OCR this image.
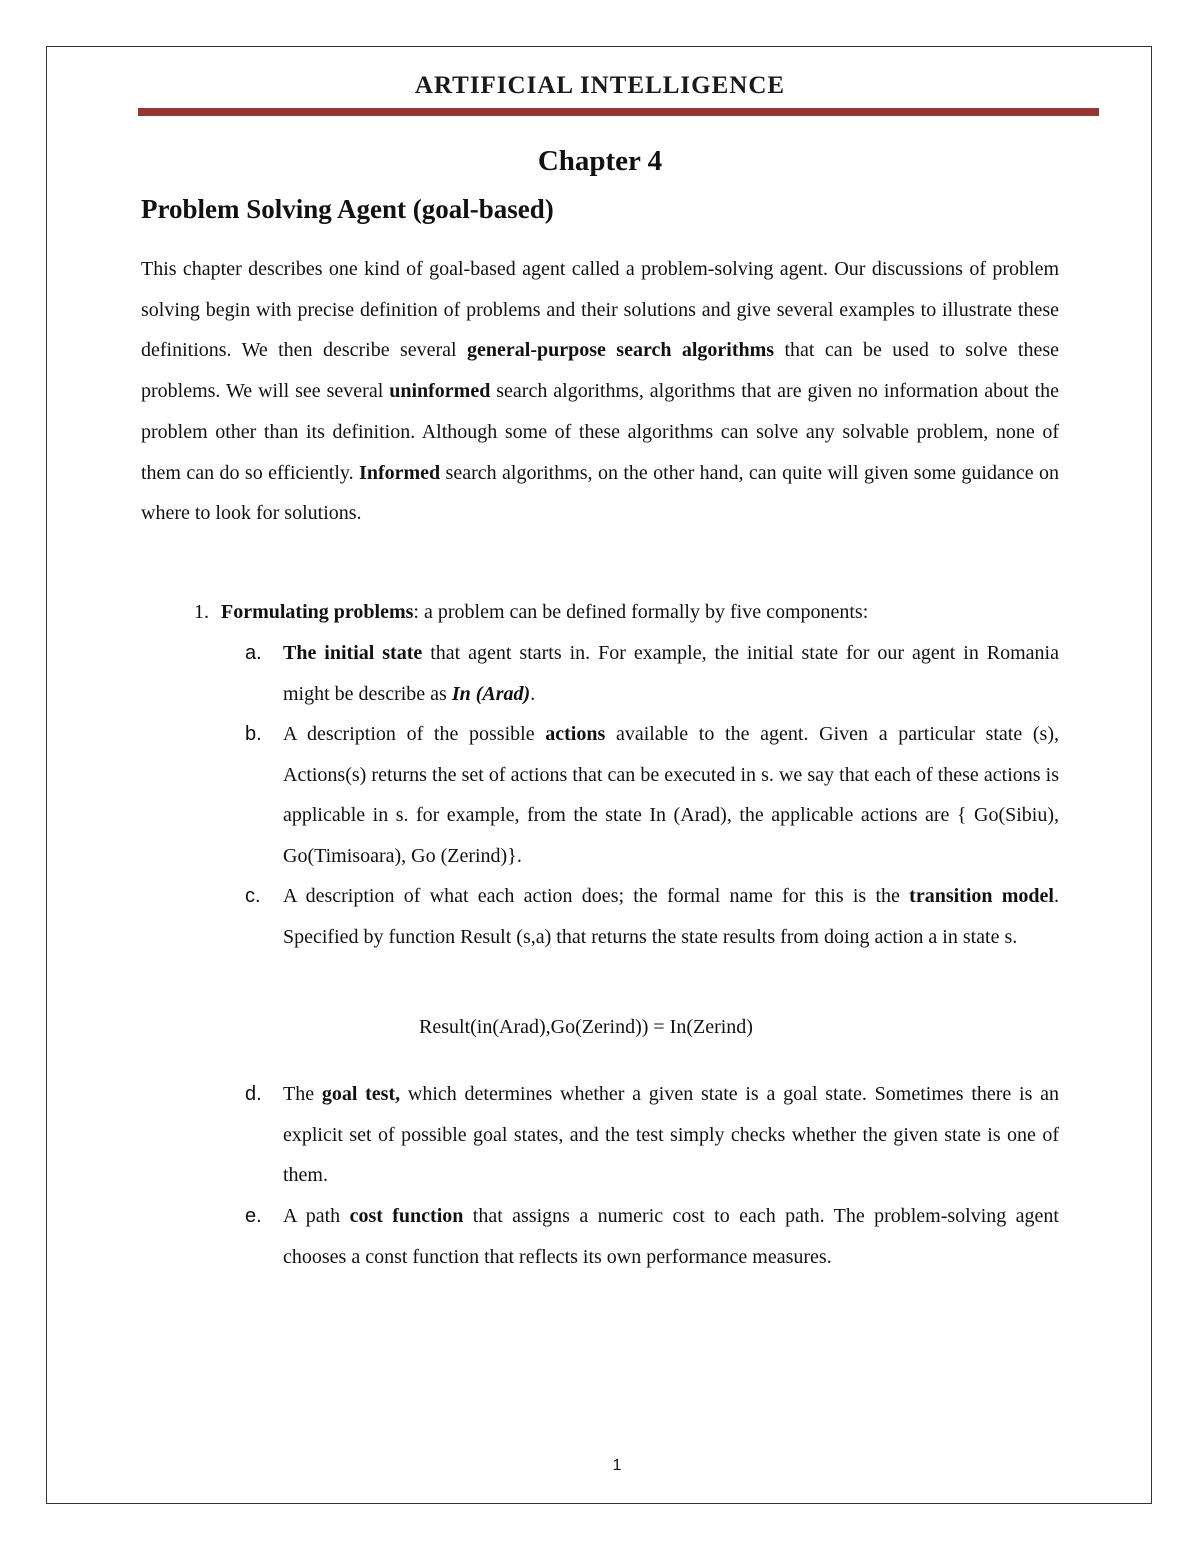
ARTIFICIAL INTELLIGENCE
Chapter 4
Problem Solving Agent (goal-based)

This chapter describes one kind of goal-based agent called a problem-solving agent. Our discussions of problem solving begin with precise definition of problems and their solutions and give several examples to illustrate these definitions. We then describe several general-purpose search algorithms that can be used to solve these problems. We will see several uninformed search algorithms, algorithms that are given no information about the problem other than its definition. Although some of these algorithms can solve any solvable problem, none of them can do so efficiently. Informed search algorithms, on the other hand, can quite will given some guidance on where to look for solutions.

1. Formulating problems: a problem can be defined formally by five components:

a. The initial state that agent starts in. For example, the initial state for our agent in Romania might be describe as In (Arad).

b. A description of the possible actions available to the agent. Given a particular state (s), Actions(s) returns the set of actions that can be executed in s. we say that each of these actions is applicable in s. for example, from the state In (Arad), the applicable actions are { Go(Sibiu), Go(Timisoara), Go (Zerind)}.

c. A description of what each action does; the formal name for this is the transition model. Specified by function Result (s,a) that returns the state results from doing action a in state s.

Result(in(Arad),Go(Zerind)) = In(Zerind)

d. The goal test, which determines whether a given state is a goal state. Sometimes there is an explicit set of possible goal states, and the test simply checks whether the given state is one of them.

e. A path cost function that assigns a numeric cost to each path. The problem-solving agent chooses a const function that reflects its own performance measures.

1
